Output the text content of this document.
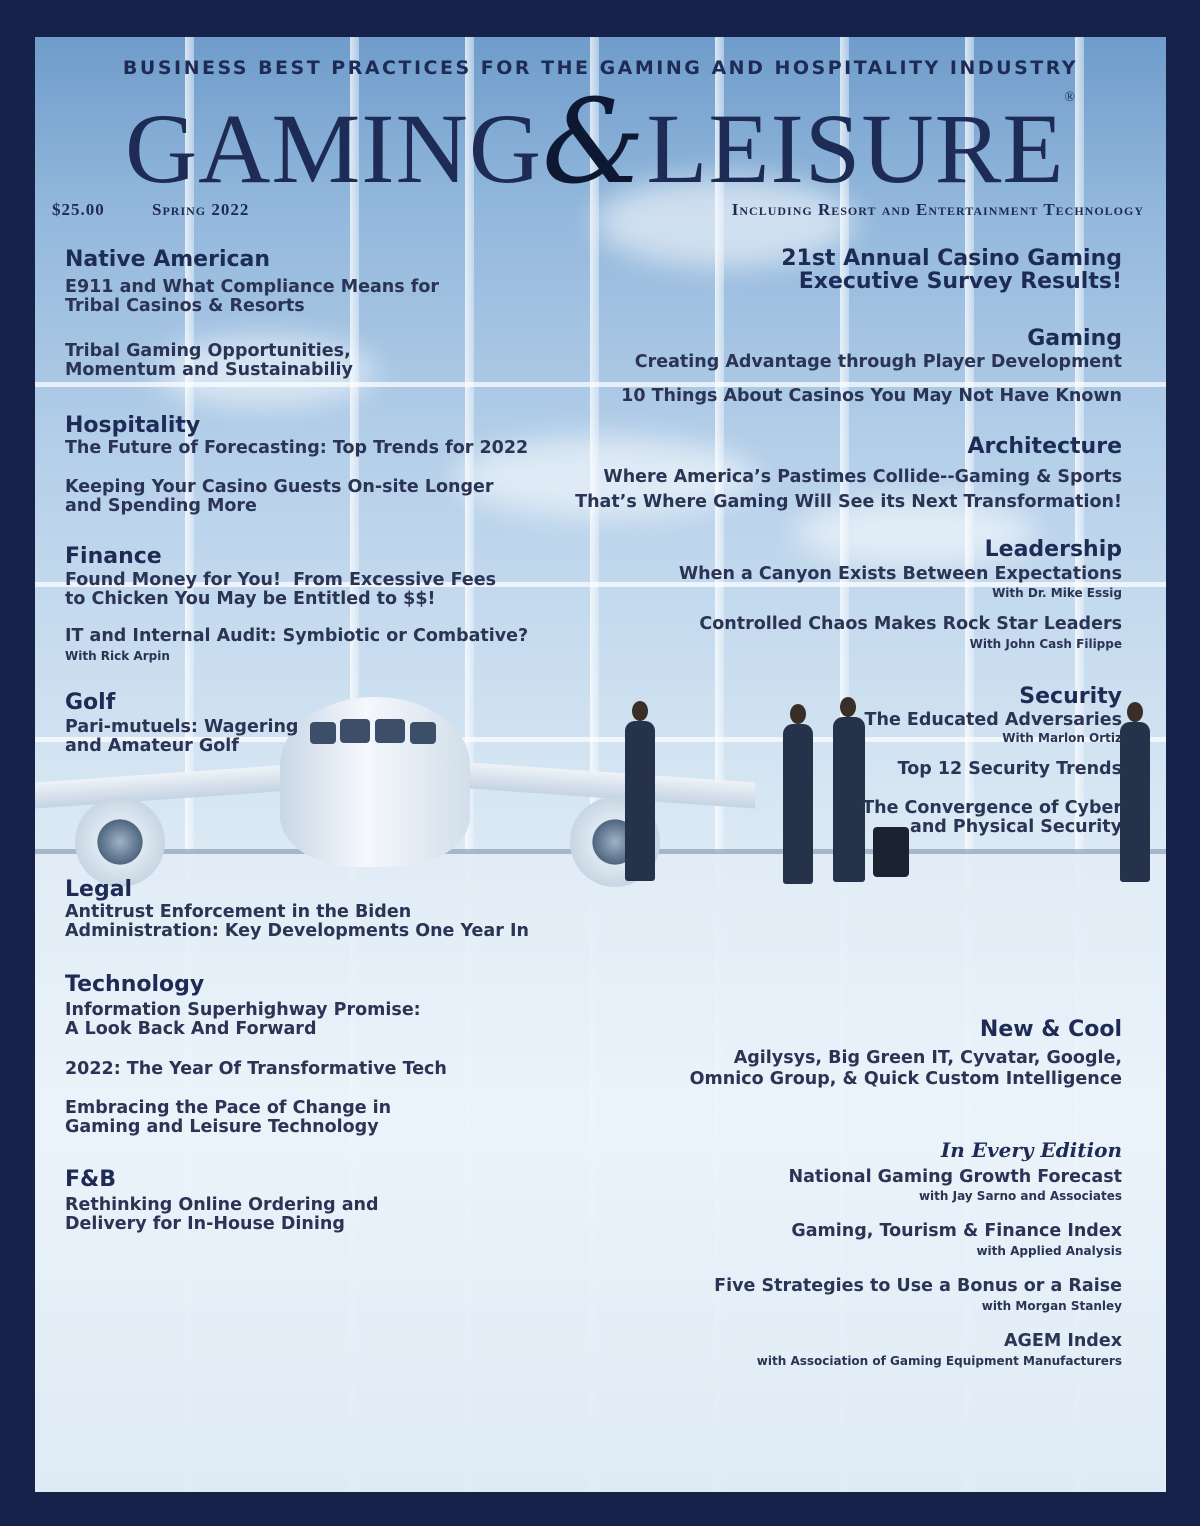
BUSINESS BEST PRACTICES FOR THE GAMING AND HOSPITALITY INDUSTRY
GAMING&LEISURE®
$25.00	Spring 2022	Including Resort and Entertainment Technology
Native American
E911 and What Compliance Means for
Tribal Casinos & Resorts
Tribal Gaming Opportunities,
Momentum and Sustainabiliy
Hospitality
The Future of Forecasting: Top Trends for 2022
Keeping Your Casino Guests On-site Longer
and Spending More
Finance
Found Money for You!  From Excessive Fees
to Chicken You May be Entitled to $$!
IT and Internal Audit: Symbiotic or Combative?
With Rick Arpin
Golf
Pari-mutuels: Wagering
and Amateur Golf
Legal
Antitrust Enforcement in the Biden
Administration: Key Developments One Year In
Technology
Information Superhighway Promise:
A Look Back And Forward
2022: The Year Of Transformative Tech
Embracing the Pace of Change in
Gaming and Leisure Technology
F&B
Rethinking Online Ordering and
Delivery for In-House Dining
21st Annual Casino Gaming
Executive Survey Results!
Gaming
Creating Advantage through Player Development
10 Things About Casinos You May Not Have Known
Architecture
Where America’s Pastimes Collide--Gaming & Sports
That’s Where Gaming Will See its Next Transformation!
Leadership
When a Canyon Exists Between Expectations
With Dr. Mike Essig
Controlled Chaos Makes Rock Star Leaders
With John Cash Filippe
Security
The Educated Adversaries
With Marlon Ortiz
Top 12 Security Trends
The Convergence of Cyber
and Physical Security
New & Cool
Agilysys, Big Green IT, Cyvatar, Google,
Omnico Group, & Quick Custom Intelligence
In Every Edition
National Gaming Growth Forecast
with Jay Sarno and Associates
Gaming, Tourism & Finance Index
with Applied Analysis
Five Strategies to Use a Bonus or a Raise
with Morgan Stanley
AGEM Index
with Association of Gaming Equipment Manufacturers
